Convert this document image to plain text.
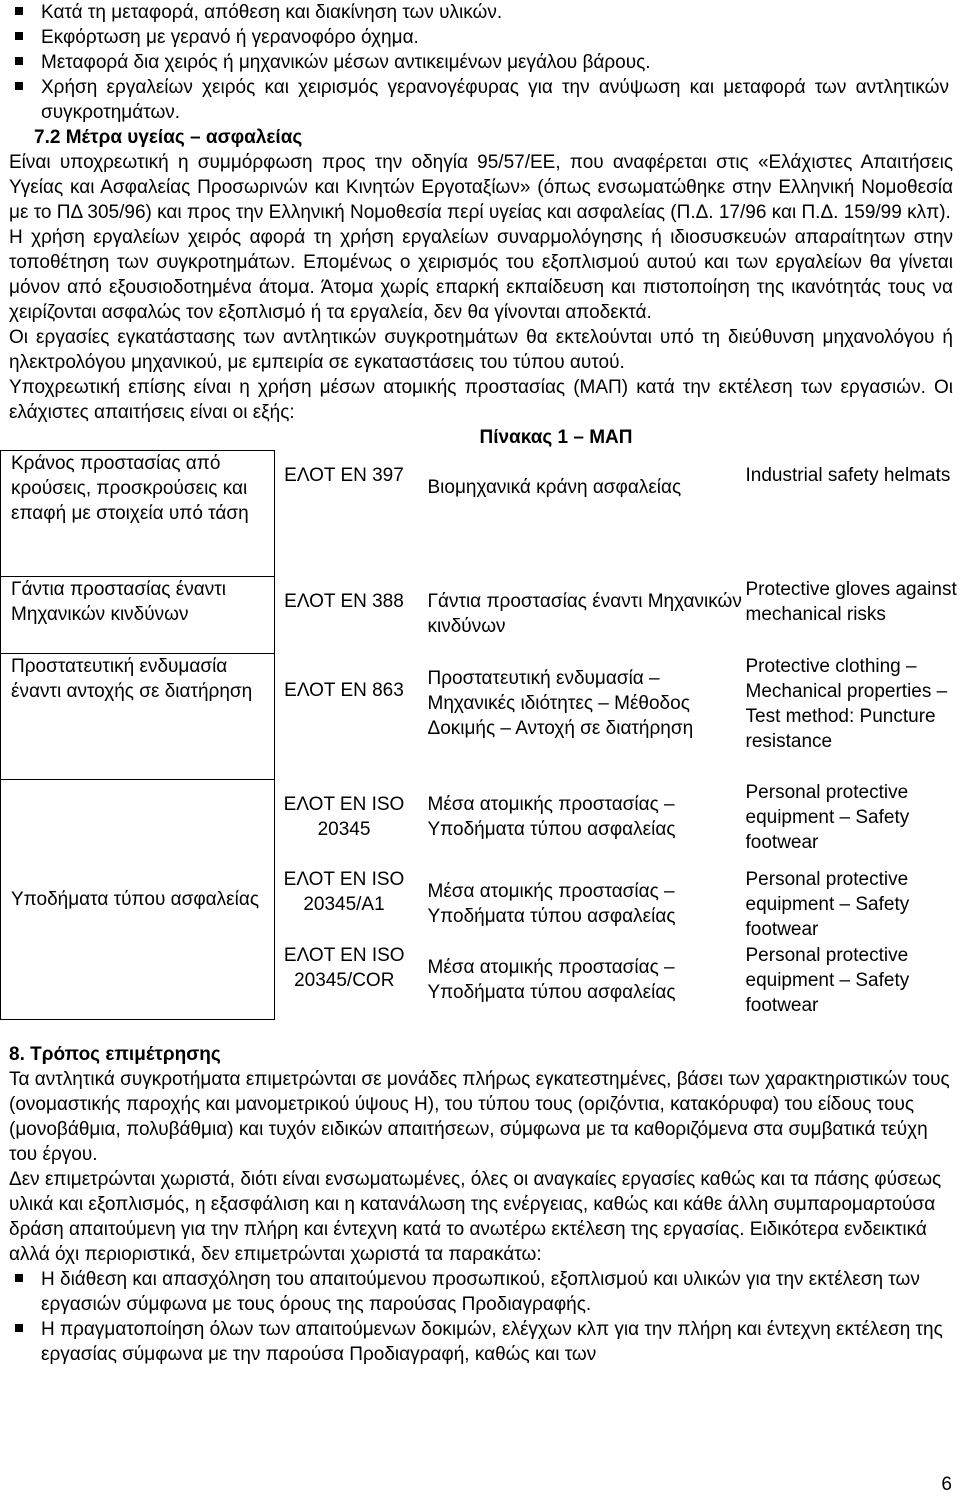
Κατά τη μεταφορά, απόθεση και διακίνηση των υλικών.
Εκφόρτωση με γερανό ή γερανοφόρο όχημα.
Μεταφορά δια χειρός ή μηχανικών μέσων αντικειμένων μεγάλου βάρους.
Χρήση εργαλείων χειρός και χειρισμός γερανογέφυρας για την ανύψωση και μεταφορά των αντλητικών συγκροτημάτων.
7.2 Μέτρα υγείας – ασφαλείας

Είναι υποχρεωτική η συμμόρφωση προς την οδηγία 95/57/ΕΕ, που αναφέρεται στις «Ελάχιστες Απαιτήσεις Υγείας και Ασφαλείας Προσωρινών και Κινητών Εργοταξίων» (όπως ενσωματώθηκε στην Ελληνική Νομοθεσία με το ΠΔ 305/96) και προς την Ελληνική Νομοθεσία περί υγείας και ασφαλείας (Π.Δ. 17/96 και Π.Δ. 159/99 κλπ).

Η χρήση εργαλείων χειρός αφορά τη χρήση εργαλείων συναρμολόγησης ή ιδιοσυσκευών απαραίτητων στην τοποθέτηση των συγκροτημάτων. Επομένως ο χειρισμός του εξοπλισμού αυτού και των εργαλείων θα γίνεται μόνον από εξουσιοδοτημένα άτομα. Άτομα χωρίς επαρκή εκπαίδευση και πιστοποίηση της ικανότητάς τους να χειρίζονται ασφαλώς τον εξοπλισμό ή τα εργαλεία, δεν θα γίνονται αποδεκτά.

Οι εργασίες εγκατάστασης των αντλητικών συγκροτημάτων θα εκτελούνται υπό τη διεύθυνση μηχανολόγου ή ηλεκτρολόγου μηχανικού, με εμπειρία σε εγκαταστάσεις του τύπου αυτού.

Υποχρεωτική επίσης είναι η χρήση μέσων ατομικής προστασίας (ΜΑΠ) κατά την εκτέλεση των εργασιών. Οι ελάχιστες απαιτήσεις είναι οι εξής:

Πίνακας 1 – ΜΑΠ

Κράνος προστασίας από κρούσεις, προσκρούσεις και επαφή με στοιχεία υπό τάση	ΕΛΟΤ ΕΝ 397	Βιομηχανικά κράνη ασφαλείας	Industrial safety helmats
Γάντια προστασίας έναντι Μηχανικών κινδύνων	ΕΛΟΤ ΕΝ 388	Γάντια προστασίας έναντι Μηχανικών κινδύνων	Protective gloves against mechanical risks
Προστατευτική ενδυμασία έναντι αντοχής σε διατήρηση	ΕΛΟΤ ΕΝ 863	Προστατευτική ενδυμασία – Μηχανικές ιδιότητες – Μέθοδος Δοκιμής – Αντοχή σε διατήρηση	Protective clothing – Mechanical properties – Test method: Puncture resistance
Υποδήματα τύπου ασφαλείας	ΕΛΟΤ ΕΝ ISO 20345	Μέσα ατομικής προστασίας – Υποδήματα τύπου ασφαλείας	Personal protective equipment – Safety footwear
	ΕΛΟΤ ΕΝ ISO 20345/Α1	Μέσα ατομικής προστασίας – Υποδήματα τύπου ασφαλείας	Personal protective equipment – Safety footwear
	ΕΛΟΤ ΕΝ ISO 20345/COR	Μέσα ατομικής προστασίας – Υποδήματα τύπου ασφαλείας	Personal protective equipment – Safety footwear
8. Τρόπος επιμέτρησης

Τα αντλητικά συγκροτήματα επιμετρώνται σε μονάδες πλήρως εγκατεστημένες, βάσει των χαρακτηριστικών τους (ονομαστικής παροχής και μανομετρικού ύψους Η), του τύπου τους (οριζόντια, κατακόρυφα) του είδους τους (μονοβάθμια, πολυβάθμια) και τυχόν ειδικών απαιτήσεων, σύμφωνα με τα καθοριζόμενα στα συμβατικά τεύχη του έργου.

Δεν επιμετρώνται χωριστά, διότι είναι ενσωματωμένες, όλες οι αναγκαίες εργασίες καθώς και τα πάσης φύσεως υλικά και εξοπλισμός, η εξασφάλιση και η κατανάλωση της ενέργειας, καθώς και κάθε άλλη συμπαρομαρτούσα δράση απαιτούμενη για την πλήρη και έντεχνη κατά το ανωτέρω εκτέλεση της εργασίας. Ειδικότερα ενδεικτικά αλλά όχι περιοριστικά, δεν επιμετρώνται χωριστά τα παρακάτω:

Η διάθεση και απασχόληση του απαιτούμενου προσωπικού, εξοπλισμού και υλικών για την εκτέλεση των εργασιών σύμφωνα με τους όρους της παρούσας Προδιαγραφής.
Η πραγματοποίηση όλων των απαιτούμενων δοκιμών, ελέγχων κλπ για την πλήρη και έντεχνη εκτέλεση της εργασίας σύμφωνα με την παρούσα Προδιαγραφή, καθώς και των
6
